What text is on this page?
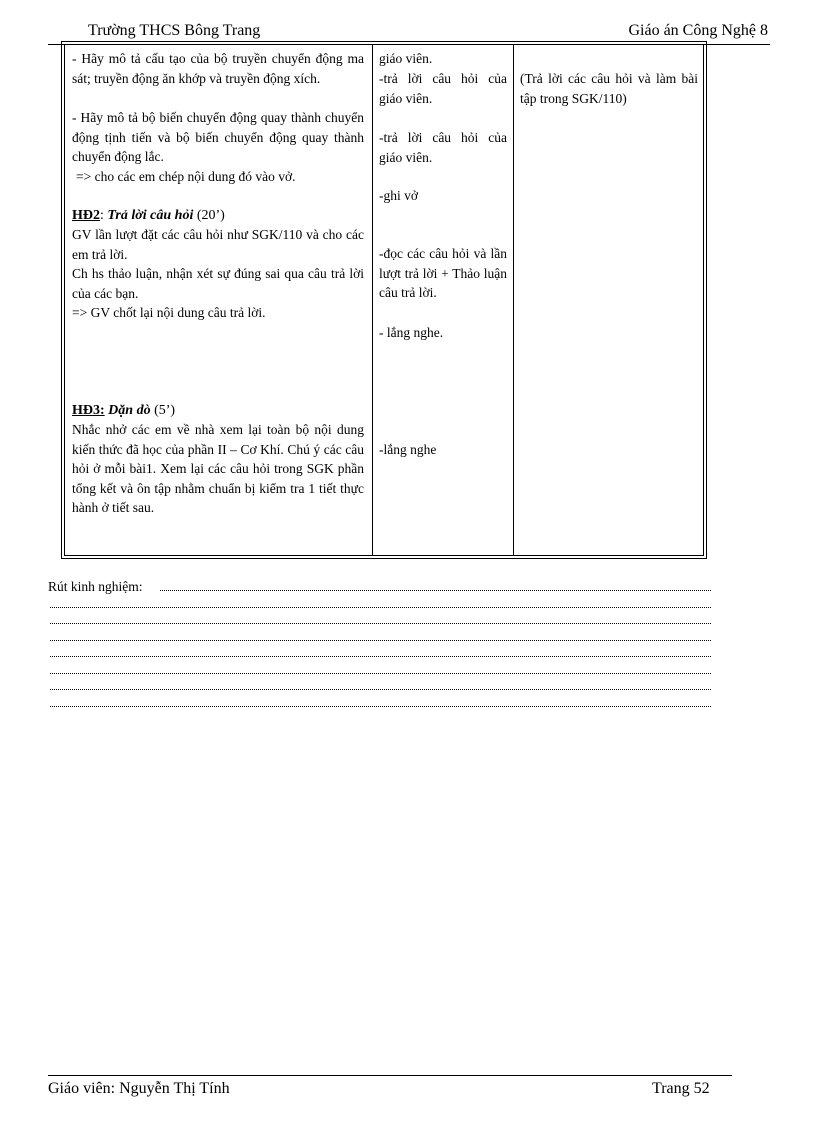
Trường THCS Bông Trang	Giáo án Công Nghệ 8
- Hãy mô tả cấu tạo của bộ truyền chuyển động ma sát; truyền động ăn khớp và truyền động xích.
- Hãy mô tả bộ biến chuyển động quay thành chuyển động tịnh tiến và bộ biến chuyển động quay thành chuyển động lắc.
=> cho các em chép nội dung đó vào vở.
HĐ2: Trả lời câu hỏi (20’)
GV lần lượt đặt các câu hỏi như SGK/110 và cho các em trả lời.
Ch hs thảo luận, nhận xét sự đúng sai qua câu trả lời của các bạn.
=> GV chốt lại nội dung câu trả lời.
HĐ3: Dặn dò (5’)
Nhắc nhở các em về nhà xem lại toàn bộ nội dung kiến thức đã học của phần II – Cơ Khí. Chú ý các câu hỏi ở mỗi bài1. Xem lại các câu hỏi trong SGK phần tổng kết và ôn tập nhằm chuẩn bị kiểm tra 1 tiết thực hành ở tiết sau.
giáo viên.
-trả lời câu hỏi của giáo viên.
-trả lời câu hỏi của giáo viên.
-ghi vở
-đọc các câu hỏi và lần lượt trả lời + Thảo luận câu trả lời.
- lắng nghe.
-lắng nghe
(Trả lời các câu hỏi và làm bài tập trong SGK/110)
Rút kinh nghiệm:
Giáo viên: Nguyễn Thị Tính	Trang 52
